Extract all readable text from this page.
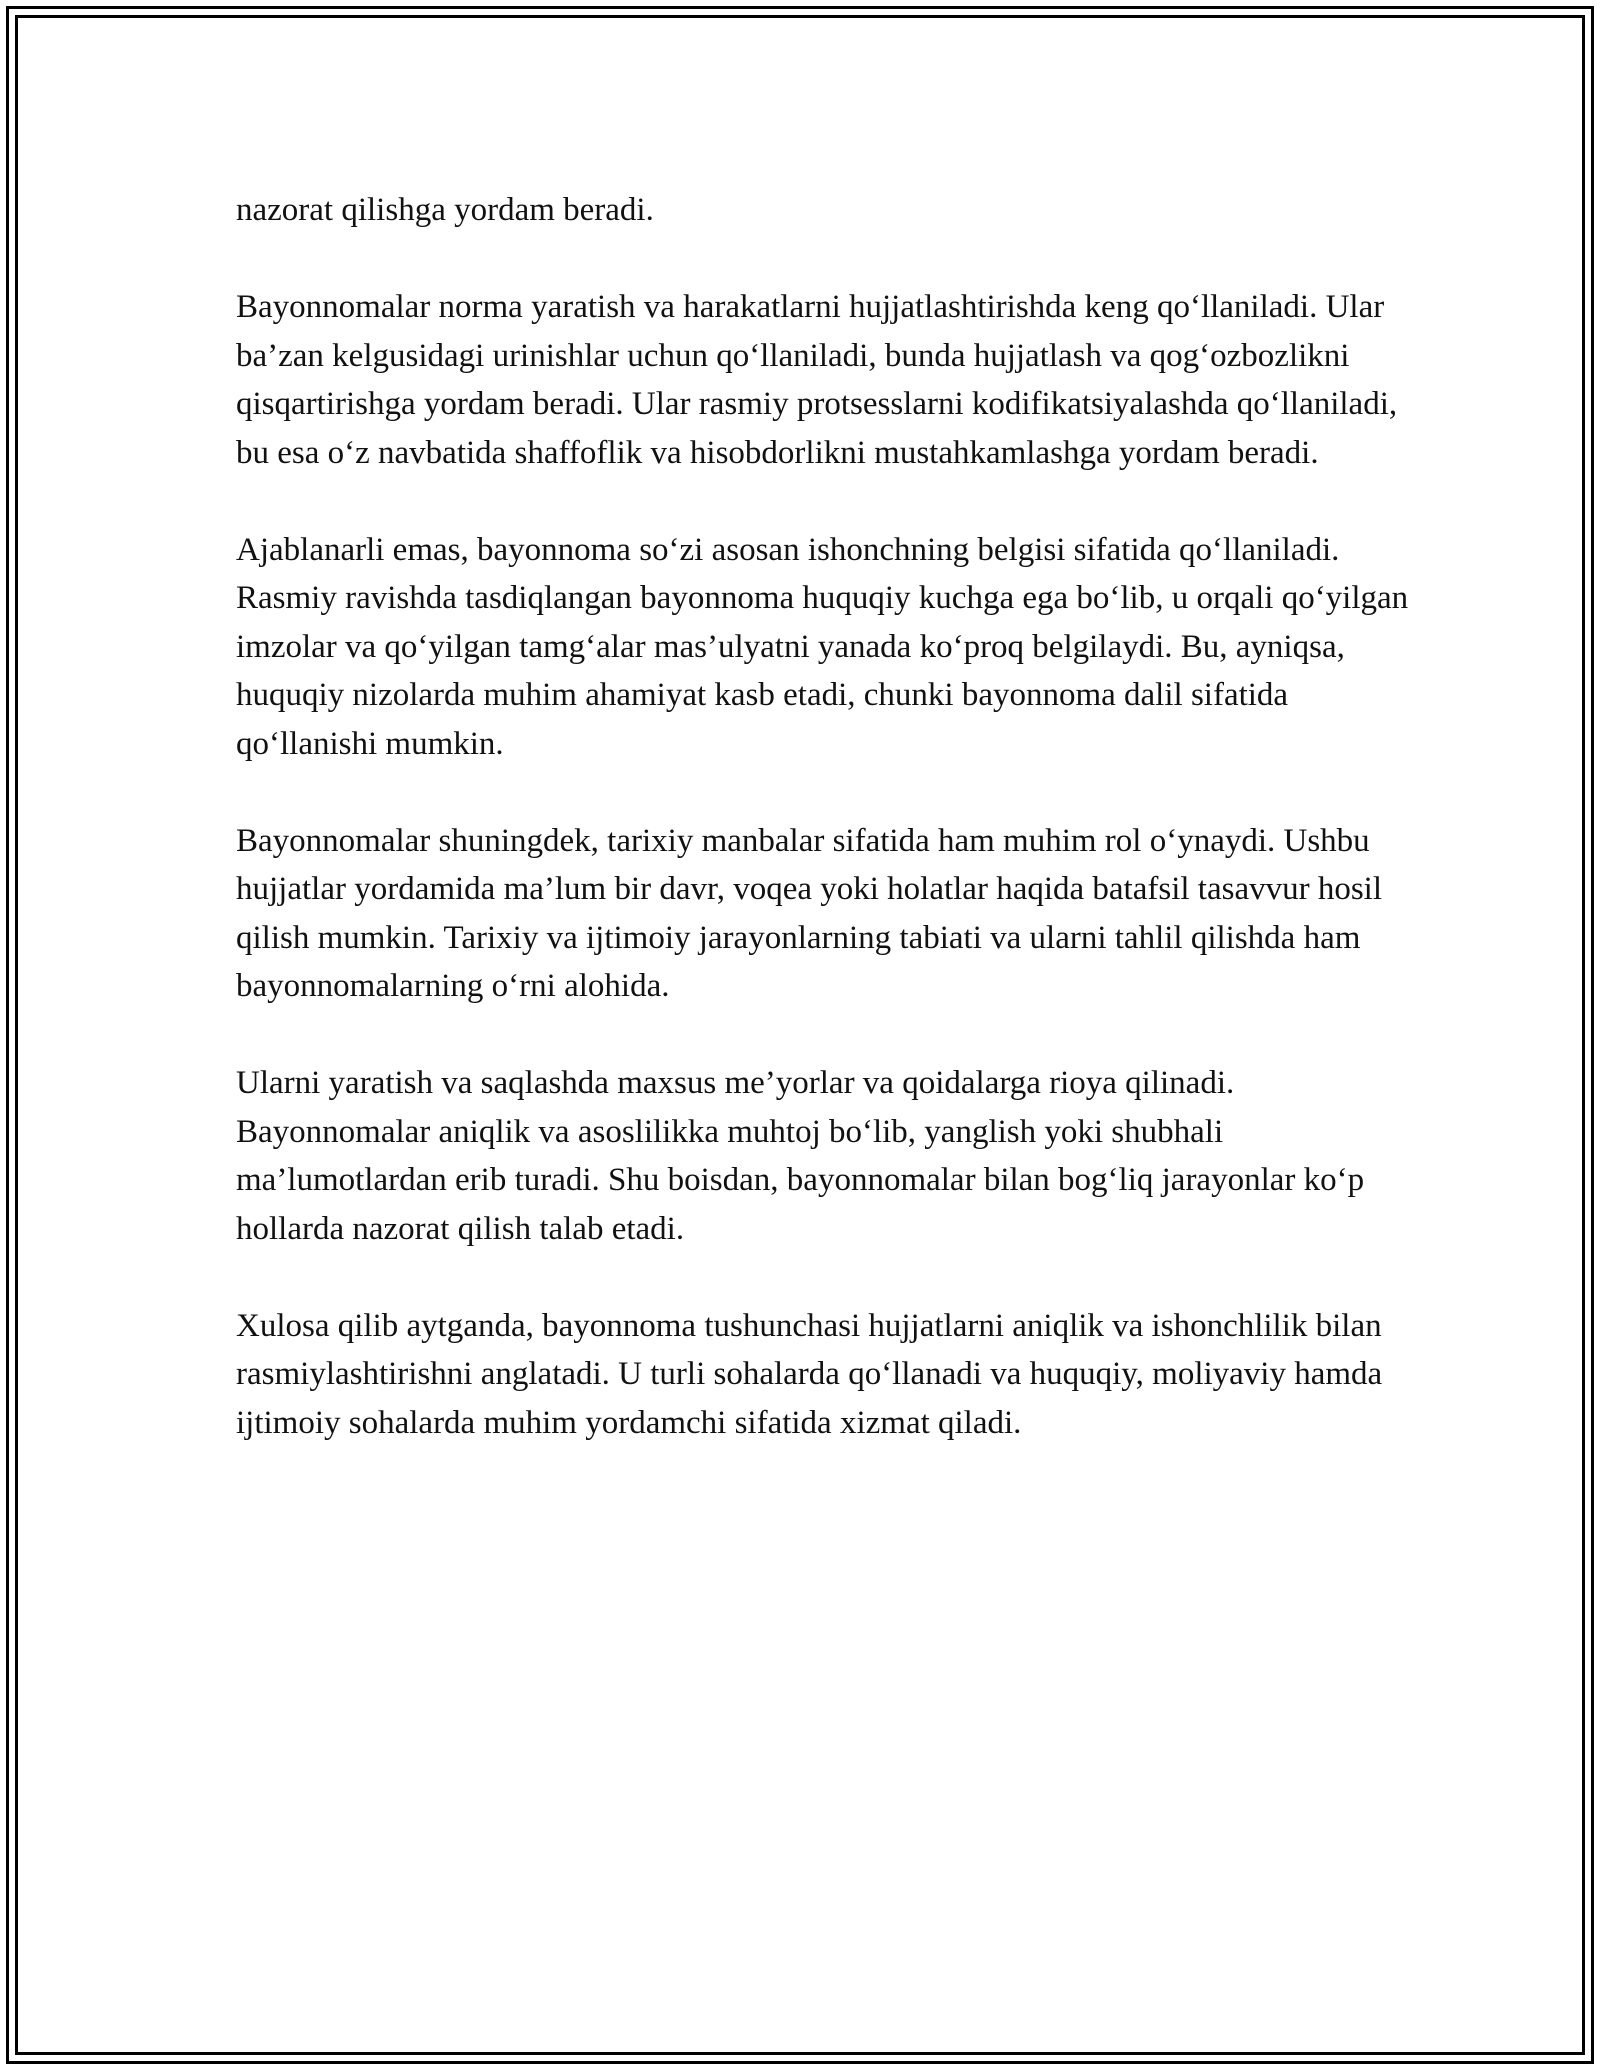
nazorat qilishga yordam beradi.

Bayonnomalar norma yaratish va harakatlarni hujjatlashtirishda keng qo‘llaniladi. Ular ba’zan kelgusidagi urinishlar uchun qo‘llaniladi, bunda hujjatlash va qog‘ozbozlikni qisqartirishga yordam beradi. Ular rasmiy protsesslarni kodifikatsiyalashda qo‘llaniladi, bu esa o‘z navbatida shaffoflik va hisobdorlikni mustahkamlashga yordam beradi.

Ajablanarli emas, bayonnoma so‘zi asosan ishonchning belgisi sifatida qo‘llaniladi. Rasmiy ravishda tasdiqlangan bayonnoma huquqiy kuchga ega bo‘lib, u orqali qo‘yilgan imzolar va qo‘yilgan tamg‘alar mas’ulyatni yanada ko‘proq belgilaydi. Bu, ayniqsa, huquqiy nizolarda muhim ahamiyat kasb etadi, chunki bayonnoma dalil sifatida qo‘llanishi mumkin.

Bayonnomalar shuningdek, tarixiy manbalar sifatida ham muhim rol o‘ynaydi. Ushbu hujjatlar yordamida ma’lum bir davr, voqea yoki holatlar haqida batafsil tasavvur hosil qilish mumkin. Tarixiy va ijtimoiy jarayonlarning tabiati va ularni tahlil qilishda ham bayonnomalarning o‘rni alohida.

Ularni yaratish va saqlashda maxsus me’yorlar va qoidalarga rioya qilinadi. Bayonnomalar aniqlik va asoslilikka muhtoj bo‘lib, yanglish yoki shubhali ma’lumotlardan erib turadi. Shu boisdan, bayonnomalar bilan bog‘liq jarayonlar ko‘p hollarda nazorat qilish talab etadi.

Xulosa qilib aytganda, bayonnoma tushunchasi hujjatlarni aniqlik va ishonchlilik bilan rasmiylashtirishni anglatadi. U turli sohalarda qo‘llanadi va huquqiy, moliyaviy hamda ijtimoiy sohalarda muhim yordamchi sifatida xizmat qiladi.
